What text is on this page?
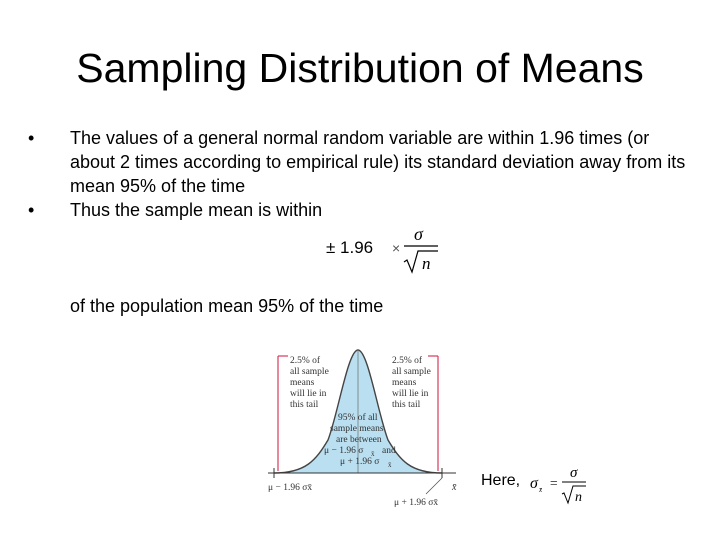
Sampling Distribution of Means
•	The values of a general normal random variable are within 1.96 times (or about 2 times according to empirical rule) its standard deviation away from its mean 95% of the time
•	Thus the sample mean is within
± 1.96 ×
σ
n
of the population mean 95% of the time
2.5% of
all sample
means
will lie in
this tail
2.5% of
all sample
means
will lie in
this tail
95% of all
sample means
are between
μ − 1.96 σ x̄ and
μ + 1.96 σ x̄
μ − 1.96 σx̄
μ + 1.96 σx̄
x̄ Here, σ x̄ =
σ
n
